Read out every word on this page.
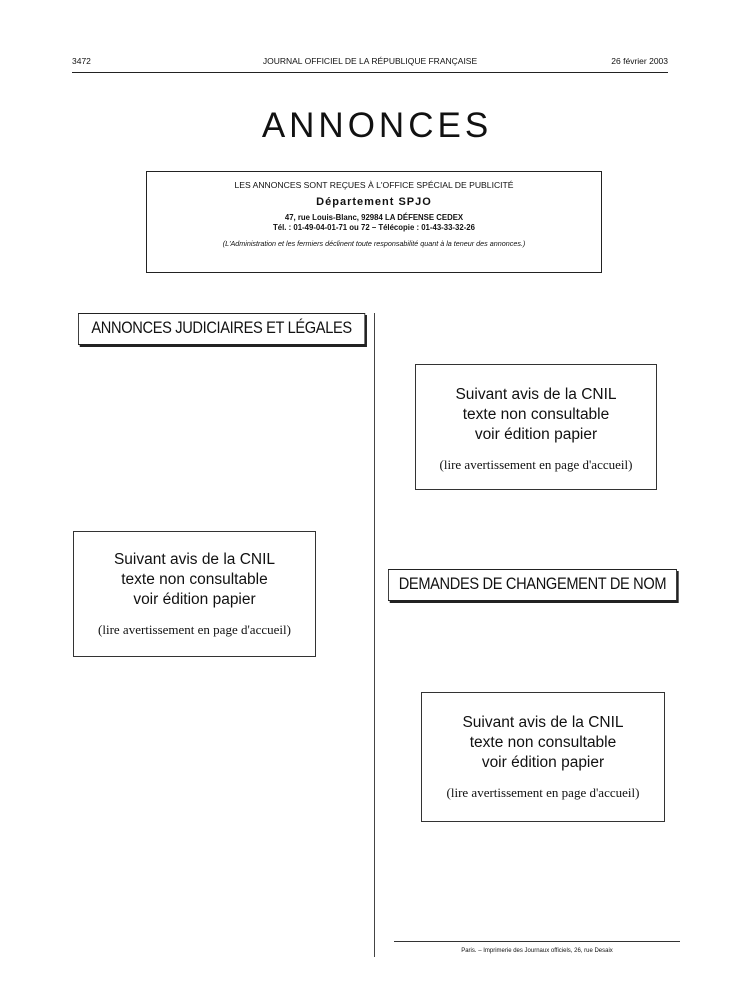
3472	JOURNAL OFFICIEL DE LA RÉPUBLIQUE FRANÇAISE	26 février 2003
ANNONCES
LES ANNONCES SONT REÇUES À L'OFFICE SPÉCIAL DE PUBLICITÉ
Département SPJO
47, rue Louis-Blanc, 92984 LA DÉFENSE CEDEX
Tél. : 01-49-04-01-71 ou 72 – Télécopie : 01-43-33-32-26
(L'Administration et les fermiers déclinent toute responsabilité quant à la teneur des annonces.)
ANNONCES JUDICIAIRES ET LÉGALES
Suivant avis de la CNIL
texte non consultable
voir édition papier
(lire avertissement en page d'accueil)
Suivant avis de la CNIL
texte non consultable
voir édition papier
(lire avertissement en page d'accueil)
DEMANDES DE CHANGEMENT DE NOM
Suivant avis de la CNIL
texte non consultable
voir édition papier
(lire avertissement en page d'accueil)
Paris. – Imprimerie des Journaux officiels, 26, rue Desaix
